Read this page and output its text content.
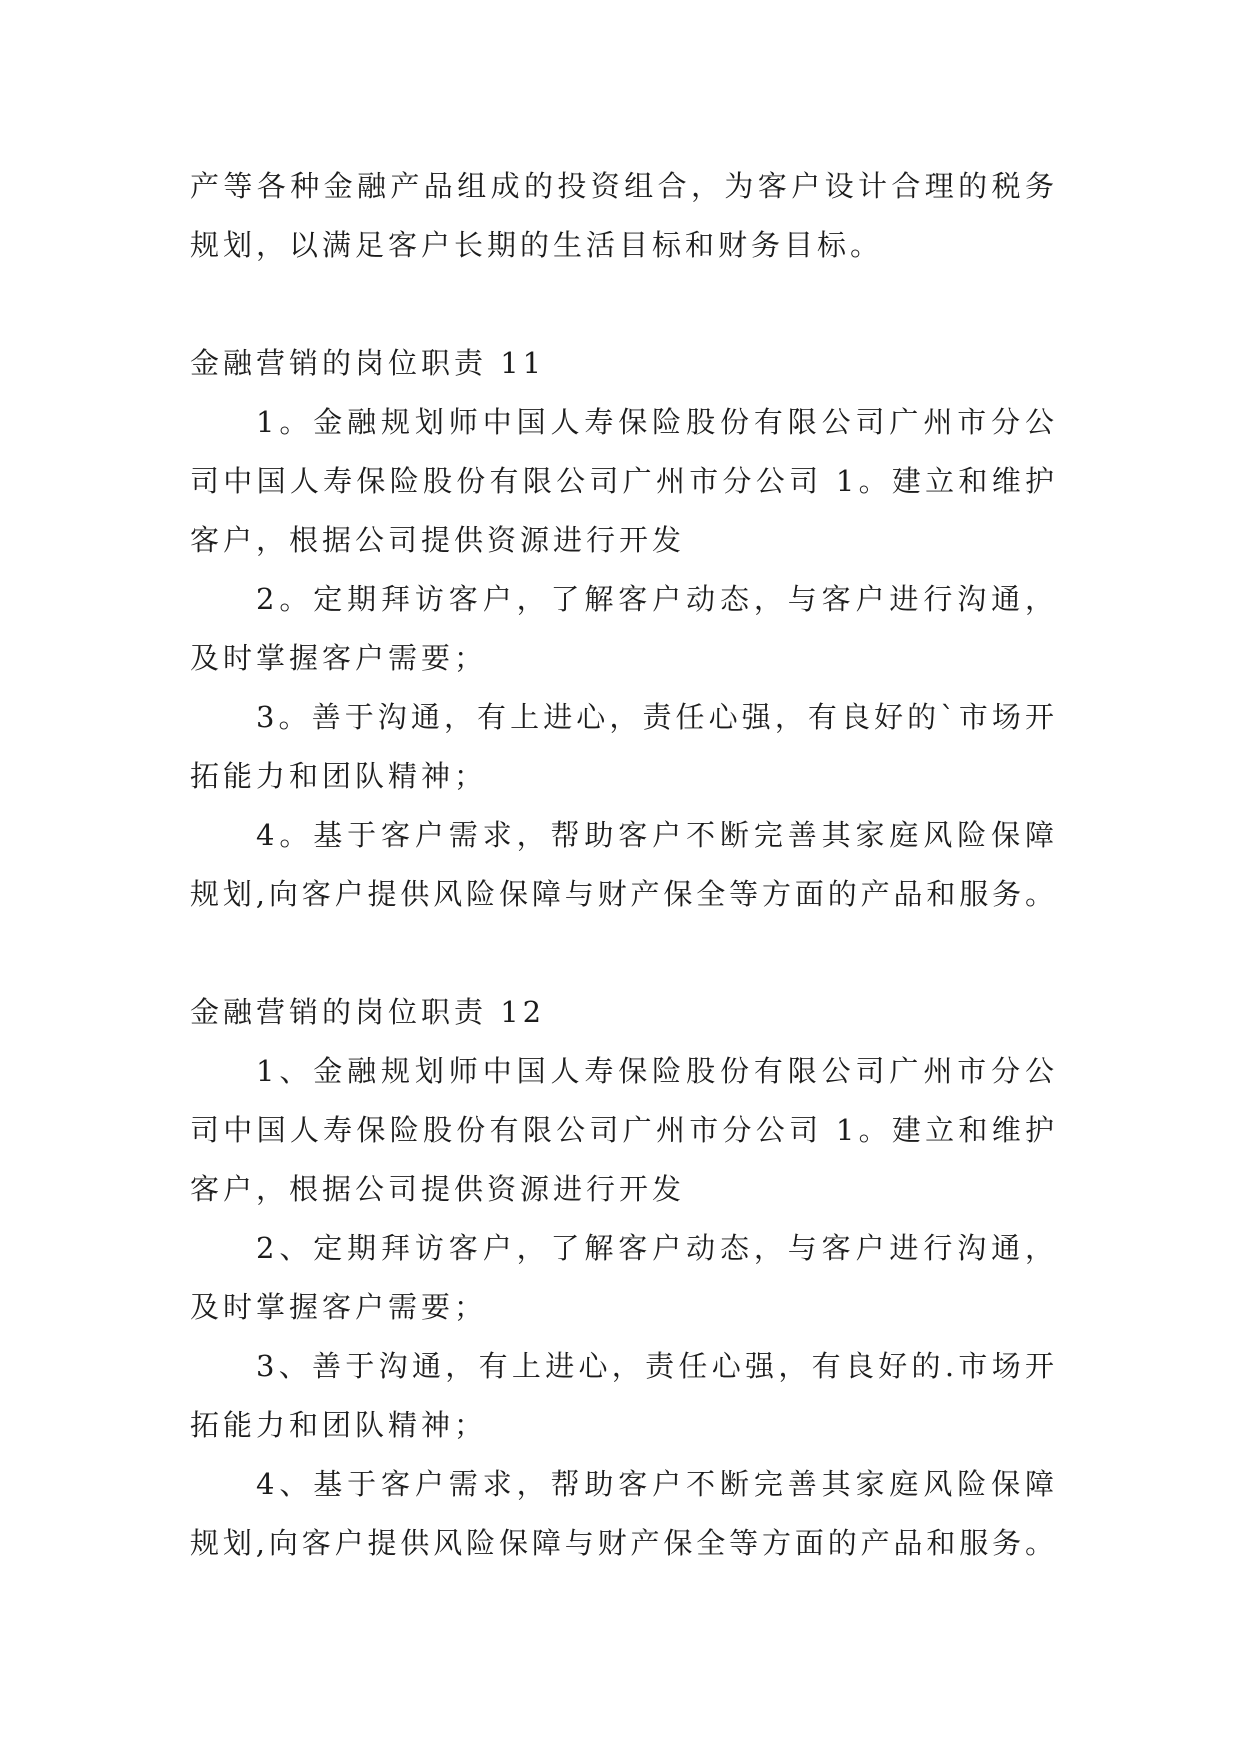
产等各种金融产品组成的投资组合，为客户设计合理的税务
规划，以满足客户长期的生活目标和财务目标。
金融营销的岗位职责 11
1。金融规划师中国人寿保险股份有限公司广州市分公
司中国人寿保险股份有限公司广州市分公司 1。建立和维护
客户，根据公司提供资源进行开发
2。定期拜访客户，了解客户动态，与客户进行沟通，
及时掌握客户需要；
3。善于沟通，有上进心，责任心强，有良好的`市场开
拓能力和团队精神；
4。基于客户需求，帮助客户不断完善其家庭风险保障
规划,向客户提供风险保障与财产保全等方面的产品和服务。
金融营销的岗位职责 12
1、金融规划师中国人寿保险股份有限公司广州市分公
司中国人寿保险股份有限公司广州市分公司 1。建立和维护
客户，根据公司提供资源进行开发
2、定期拜访客户，了解客户动态，与客户进行沟通，
及时掌握客户需要；
3、善于沟通，有上进心，责任心强，有良好的.市场开
拓能力和团队精神；
4、基于客户需求，帮助客户不断完善其家庭风险保障
规划,向客户提供风险保障与财产保全等方面的产品和服务。
